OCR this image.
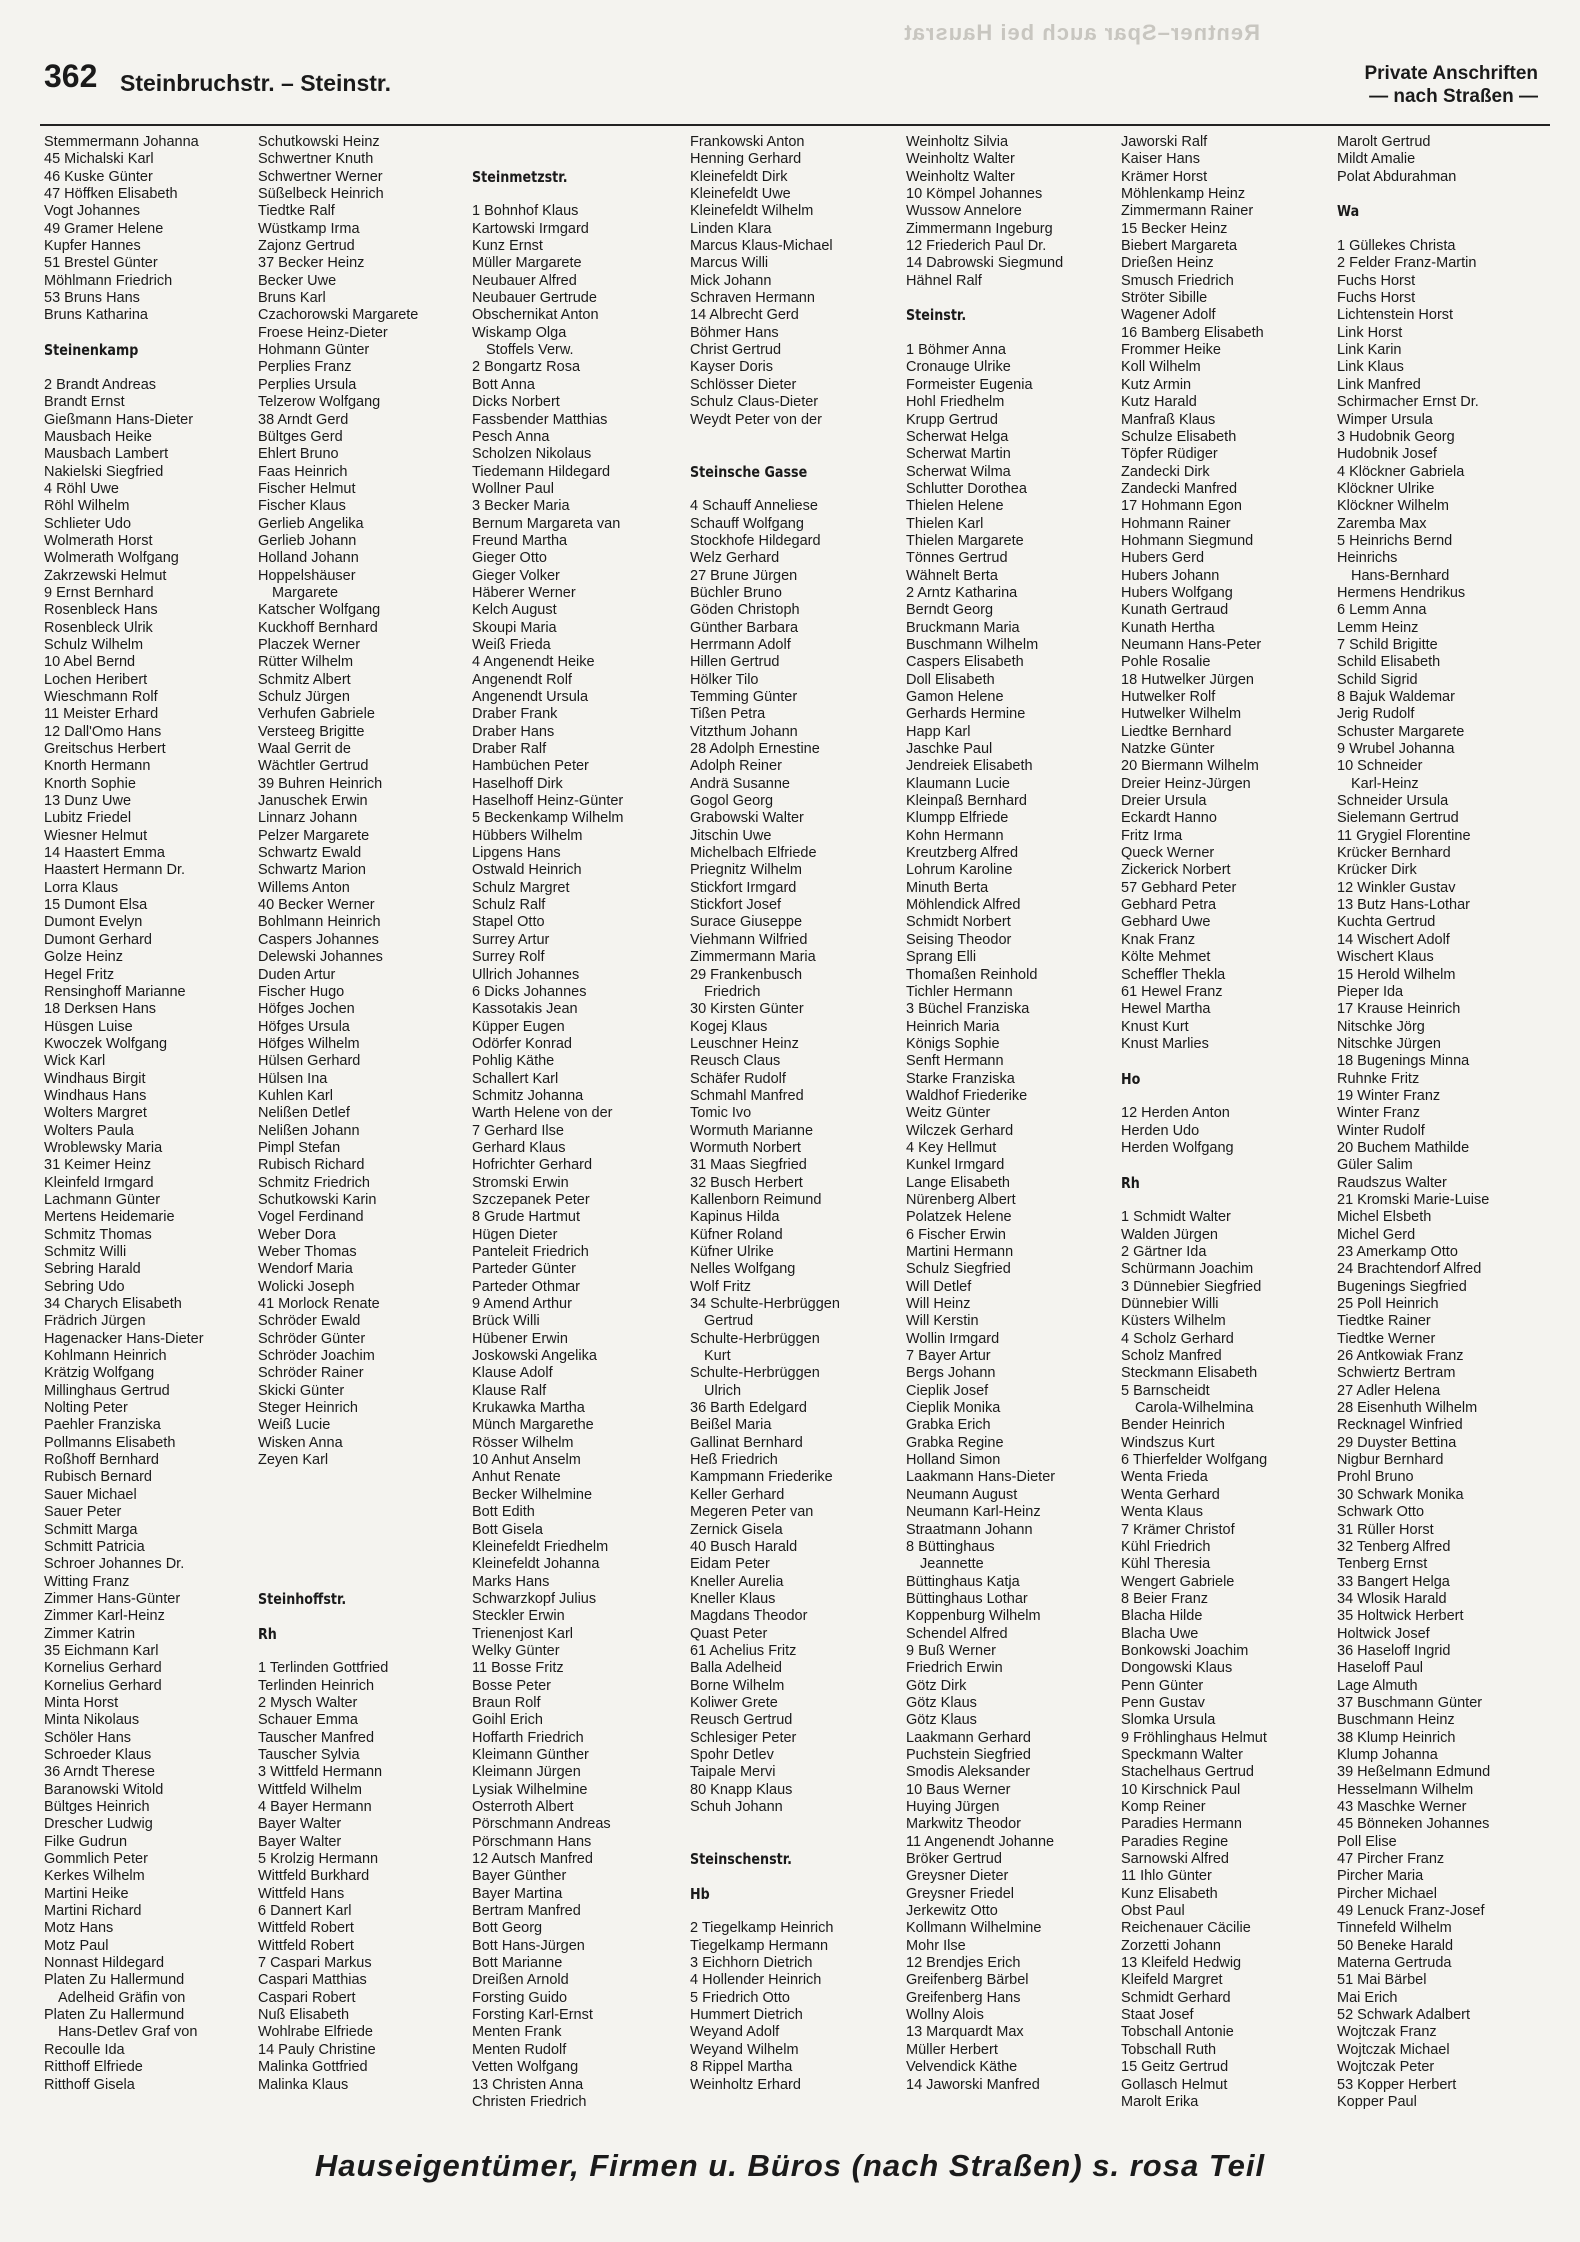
Rentner–Spar auch bei Hausrat
362 Steinbruchstr. – Steinstr.	Private Anschriften
— nach Straßen —
Stemmermann Johanna
45 Michalski Karl
46 Kuske Günter
47 Höffken Elisabeth
Vogt Johannes
49 Gramer Helene
Kupfer Hannes
51 Brestel Günter
Möhlmann Friedrich
53 Bruns Hans
Bruns Katharina
Steinenkamp
2 Brandt Andreas
Brandt Ernst
Gießmann Hans-Dieter
Mausbach Heike
Mausbach Lambert
Nakielski Siegfried
4 Röhl Uwe
Röhl Wilhelm
Schlieter Udo
Wolmerath Horst
Wolmerath Wolfgang
Zakrzewski Helmut
9 Ernst Bernhard
Rosenbleck Hans
Rosenbleck Ulrik
Schulz Wilhelm
10 Abel Bernd
Lochen Heribert
Wieschmann Rolf
11 Meister Erhard
12 Dall'Omo Hans
Greitschus Herbert
Knorth Hermann
Knorth Sophie
13 Dunz Uwe
Lubitz Friedel
Wiesner Helmut
14 Haastert Emma
Haastert Hermann Dr.
Lorra Klaus
15 Dumont Elsa
Dumont Evelyn
Dumont Gerhard
Golze Heinz
Hegel Fritz
Rensinghoff Marianne
18 Derksen Hans
Hüsgen Luise
Kwoczek Wolfgang
Wick Karl
Windhaus Birgit
Windhaus Hans
Wolters Margret
Wolters Paula
Wroblewsky Maria
31 Keimer Heinz
Kleinfeld Irmgard
Lachmann Günter
Mertens Heidemarie
Schmitz Thomas
Schmitz Willi
Sebring Harald
Sebring Udo
34 Charych Elisabeth
Frädrich Jürgen
Hagenacker Hans-Dieter
Kohlmann Heinrich
Krätzig Wolfgang
Millinghaus Gertrud
Nolting Peter
Paehler Franziska
Pollmanns Elisabeth
Roßhoff Bernhard
Rubisch Bernard
Sauer Michael
Sauer Peter
Schmitt Marga
Schmitt Patricia
Schroer Johannes Dr.
Witting Franz
Zimmer Hans-Günter
Zimmer Karl-Heinz
Zimmer Katrin
35 Eichmann Karl
Kornelius Gerhard
Kornelius Gerhard
Minta Horst
Minta Nikolaus
Schöler Hans
Schroeder Klaus
36 Arndt Therese
Baranowski Witold
Bültges Heinrich
Drescher Ludwig
Filke Gudrun
Gommlich Peter
Kerkes Wilhelm
Martini Heike
Martini Richard
Motz Hans
Motz Paul
Nonnast Hildegard
Platen Zu Hallermund
Adelheid Gräfin von
Platen Zu Hallermund
Hans-Detlev Graf von
Recoulle Ida
Ritthoff Elfriede
Ritthoff Gisela
Schutkowski Heinz
Schwertner Knuth
Schwertner Werner
Süßelbeck Heinrich
Tiedtke Ralf
Wüstkamp Irma
Zajonz Gertrud
37 Becker Heinz
Becker Uwe
Bruns Karl
Czachorowski Margarete
Froese Heinz-Dieter
Hohmann Günter
Perplies Franz
Perplies Ursula
Telzerow Wolfgang
38 Arndt Gerd
Bültges Gerd
Ehlert Bruno
Faas Heinrich
Fischer Helmut
Fischer Klaus
Gerlieb Angelika
Gerlieb Johann
Holland Johann
Hoppelshäuser
Margarete
Katscher Wolfgang
Kuckhoff Bernhard
Placzek Werner
Rütter Wilhelm
Schmitz Albert
Schulz Jürgen
Verhufen Gabriele
Versteeg Brigitte
Waal Gerrit de
Wächtler Gertrud
39 Buhren Heinrich
Januschek Erwin
Linnarz Johann
Pelzer Margarete
Schwartz Ewald
Schwartz Marion
Willems Anton
40 Becker Werner
Bohlmann Heinrich
Caspers Johannes
Delewski Johannes
Duden Artur
Fischer Hugo
Höfges Jochen
Höfges Ursula
Höfges Wilhelm
Hülsen Gerhard
Hülsen Ina
Kuhlen Karl
Nelißen Detlef
Nelißen Johann
Pimpl Stefan
Rubisch Richard
Schmitz Friedrich
Schutkowski Karin
Vogel Ferdinand
Weber Dora
Weber Thomas
Wendorf Maria
Wolicki Joseph
41 Morlock Renate
Schröder Ewald
Schröder Günter
Schröder Joachim
Schröder Rainer
Skicki Günter
Steger Heinrich
Weiß Lucie
Wisken Anna
Zeyen Karl
Steinhoffstr.
Rh
1 Terlinden Gottfried
Terlinden Heinrich
2 Mysch Walter
Schauer Emma
Tauscher Manfred
Tauscher Sylvia
3 Wittfeld Hermann
Wittfeld Wilhelm
4 Bayer Hermann
Bayer Walter
Bayer Walter
5 Krolzig Hermann
Wittfeld Burkhard
Wittfeld Hans
6 Dannert Karl
Wittfeld Robert
Wittfeld Robert
7 Caspari Markus
Caspari Matthias
Caspari Robert
Nuß Elisabeth
Wohlrabe Elfriede
14 Pauly Christine
Malinka Gottfried
Malinka Klaus
Steinmetzstr.
1 Bohnhof Klaus
Kartowski Irmgard
Kunz Ernst
Müller Margarete
Neubauer Alfred
Neubauer Gertrude
Obschernikat Anton
Wiskamp Olga
Stoffels Verw.
2 Bongartz Rosa
Bott Anna
Dicks Norbert
Fassbender Matthias
Pesch Anna
Scholzen Nikolaus
Tiedemann Hildegard
Wollner Paul
3 Becker Maria
Bernum Margareta van
Freund Martha
Gieger Otto
Gieger Volker
Häberer Werner
Kelch August
Skoupi Maria
Weiß Frieda
4 Angenendt Heike
Angenendt Rolf
Angenendt Ursula
Draber Frank
Draber Hans
Draber Ralf
Hambüchen Peter
Haselhoff Dirk
Haselhoff Heinz-Günter
5 Beckenkamp Wilhelm
Hübbers Wilhelm
Lipgens Hans
Ostwald Heinrich
Schulz Margret
Schulz Ralf
Stapel Otto
Surrey Artur
Surrey Rolf
Ullrich Johannes
6 Dicks Johannes
Kassotakis Jean
Küpper Eugen
Odörfer Konrad
Pohlig Käthe
Schallert Karl
Schmitz Johanna
Warth Helene von der
7 Gerhard Ilse
Gerhard Klaus
Hofrichter Gerhard
Stromski Erwin
Szczepanek Peter
8 Grude Hartmut
Hügen Dieter
Panteleit Friedrich
Parteder Günter
Parteder Othmar
9 Amend Arthur
Brück Willi
Hübener Erwin
Joskowski Angelika
Klause Adolf
Klause Ralf
Krukawka Martha
Münch Margarethe
Rösser Wilhelm
10 Anhut Anselm
Anhut Renate
Becker Wilhelmine
Bott Edith
Bott Gisela
Kleinefeldt Friedhelm
Kleinefeldt Johanna
Marks Hans
Schwarzkopf Julius
Steckler Erwin
Trienenjost Karl
Welky Günter
11 Bosse Fritz
Bosse Peter
Braun Rolf
Goihl Erich
Hoffarth Friedrich
Kleimann Günther
Kleimann Jürgen
Lysiak Wilhelmine
Osterroth Albert
Pörschmann Andreas
Pörschmann Hans
12 Autsch Manfred
Bayer Günther
Bayer Martina
Bertram Manfred
Bott Georg
Bott Hans-Jürgen
Bott Marianne
Dreißen Arnold
Forsting Guido
Forsting Karl-Ernst
Menten Frank
Menten Rudolf
Vetten Wolfgang
13 Christen Anna
Christen Friedrich
Frankowski Anton
Henning Gerhard
Kleinefeldt Dirk
Kleinefeldt Uwe
Kleinefeldt Wilhelm
Linden Klara
Marcus Klaus-Michael
Marcus Willi
Mick Johann
Schraven Hermann
14 Albrecht Gerd
Böhmer Hans
Christ Gertrud
Kayser Doris
Schlösser Dieter
Schulz Claus-Dieter
Weydt Peter von der
Steinsche Gasse
4 Schauff Anneliese
Schauff Wolfgang
Stockhofe Hildegard
Welz Gerhard
27 Brune Jürgen
Büchler Bruno
Göden Christoph
Günther Barbara
Herrmann Adolf
Hillen Gertrud
Hölker Tilo
Temming Günter
Tißen Petra
Vitzthum Johann
28 Adolph Ernestine
Adolph Reiner
Andrä Susanne
Gogol Georg
Grabowski Walter
Jitschin Uwe
Michelbach Elfriede
Priegnitz Wilhelm
Stickfort Irmgard
Stickfort Josef
Surace Giuseppe
Viehmann Wilfried
Zimmermann Maria
29 Frankenbusch
Friedrich
30 Kirsten Günter
Kogej Klaus
Leuschner Heinz
Reusch Claus
Schäfer Rudolf
Schmahl Manfred
Tomic Ivo
Wormuth Marianne
Wormuth Norbert
31 Maas Siegfried
32 Busch Herbert
Kallenborn Reimund
Kapinus Hilda
Küfner Roland
Küfner Ulrike
Nelles Wolfgang
Wolf Fritz
34 Schulte-Herbrüggen
Gertrud
Schulte-Herbrüggen
Kurt
Schulte-Herbrüggen
Ulrich
36 Barth Edelgard
Beißel Maria
Gallinat Bernhard
Heß Friedrich
Kampmann Friederike
Keller Gerhard
Megeren Peter van
Zernick Gisela
40 Busch Harald
Eidam Peter
Kneller Aurelia
Kneller Klaus
Magdans Theodor
Quast Peter
61 Achelius Fritz
Balla Adelheid
Borne Wilhelm
Koliwer Grete
Reusch Gertrud
Schlesiger Peter
Spohr Detlev
Taipale Mervi
80 Knapp Klaus
Schuh Johann
Steinschenstr.
Hb
2 Tiegelkamp Heinrich
Tiegelkamp Hermann
3 Eichhorn Dietrich
4 Hollender Heinrich
5 Friedrich Otto
Hummert Dietrich
Weyand Adolf
Weyand Wilhelm
8 Rippel Martha
Weinholtz Erhard
Weinholtz Silvia
Weinholtz Walter
Weinholtz Walter
10 Kömpel Johannes
Wussow Annelore
Zimmermann Ingeburg
12 Friederich Paul Dr.
14 Dabrowski Siegmund
Hähnel Ralf
Steinstr.
1 Böhmer Anna
Cronauge Ulrike
Formeister Eugenia
Hohl Friedhelm
Krupp Gertrud
Scherwat Helga
Scherwat Martin
Scherwat Wilma
Schlutter Dorothea
Thielen Helene
Thielen Karl
Thielen Margarete
Tönnes Gertrud
Wähnelt Berta
2 Arntz Katharina
Berndt Georg
Bruckmann Maria
Buschmann Wilhelm
Caspers Elisabeth
Doll Elisabeth
Gamon Helene
Gerhards Hermine
Happ Karl
Jaschke Paul
Jendreiek Elisabeth
Klaumann Lucie
Kleinpaß Bernhard
Klumpp Elfriede
Kohn Hermann
Kreutzberg Alfred
Lohrum Karoline
Minuth Berta
Möhlendick Alfred
Schmidt Norbert
Seising Theodor
Sprang Elli
Thomaßen Reinhold
Tichler Hermann
3 Büchel Franziska
Heinrich Maria
Königs Sophie
Senft Hermann
Starke Franziska
Waldhof Friederike
Weitz Günter
Wilczek Gerhard
4 Key Hellmut
Kunkel Irmgard
Lange Elisabeth
Nürenberg Albert
Polatzek Helene
6 Fischer Erwin
Martini Hermann
Schulz Siegfried
Will Detlef
Will Heinz
Will Kerstin
Wollin Irmgard
7 Bayer Artur
Bergs Johann
Cieplik Josef
Cieplik Monika
Grabka Erich
Grabka Regine
Holland Simon
Laakmann Hans-Dieter
Neumann August
Neumann Karl-Heinz
Straatmann Johann
8 Büttinghaus
Jeannette
Büttinghaus Katja
Büttinghaus Lothar
Koppenburg Wilhelm
Schendel Alfred
9 Buß Werner
Friedrich Erwin
Götz Dirk
Götz Klaus
Götz Klaus
Laakmann Gerhard
Puchstein Siegfried
Smodis Aleksander
10 Baus Werner
Huying Jürgen
Markwitz Theodor
11 Angenendt Johanne
Bröker Gertrud
Greysner Dieter
Greysner Friedel
Jerkewitz Otto
Kollmann Wilhelmine
Mohr Ilse
12 Brendjes Erich
Greifenberg Bärbel
Greifenberg Hans
Wollny Alois
13 Marquardt Max
Müller Herbert
Velvendick Käthe
14 Jaworski Manfred
Jaworski Ralf
Kaiser Hans
Krämer Horst
Möhlenkamp Heinz
Zimmermann Rainer
15 Becker Heinz
Biebert Margareta
Drießen Heinz
Smusch Friedrich
Ströter Sibille
Wagener Adolf
16 Bamberg Elisabeth
Frommer Heike
Koll Wilhelm
Kutz Armin
Kutz Harald
Manfraß Klaus
Schulze Elisabeth
Töpfer Rüdiger
Zandecki Dirk
Zandecki Manfred
17 Hohmann Egon
Hohmann Rainer
Hohmann Siegmund
Hubers Gerd
Hubers Johann
Hubers Wolfgang
Kunath Gertraud
Kunath Hertha
Neumann Hans-Peter
Pohle Rosalie
18 Hutwelker Jürgen
Hutwelker Rolf
Hutwelker Wilhelm
Liedtke Bernhard
Natzke Günter
20 Biermann Wilhelm
Dreier Heinz-Jürgen
Dreier Ursula
Eckardt Hanno
Fritz Irma
Queck Werner
Zickerick Norbert
57 Gebhard Peter
Gebhard Petra
Gebhard Uwe
Knak Franz
Költe Mehmet
Scheffler Thekla
61 Hewel Franz
Hewel Martha
Knust Kurt
Knust Marlies
Ho
12 Herden Anton
Herden Udo
Herden Wolfgang
Rh
1 Schmidt Walter
Walden Jürgen
2 Gärtner Ida
Schürmann Joachim
3 Dünnebier Siegfried
Dünnebier Willi
Küsters Wilhelm
4 Scholz Gerhard
Scholz Manfred
Steckmann Elisabeth
5 Barnscheidt
Carola-Wilhelmina
Bender Heinrich
Windszus Kurt
6 Thierfelder Wolfgang
Wenta Frieda
Wenta Gerhard
Wenta Klaus
7 Krämer Christof
Kühl Friedrich
Kühl Theresia
Wengert Gabriele
8 Beier Franz
Blacha Hilde
Blacha Uwe
Bonkowski Joachim
Dongowski Klaus
Penn Günter
Penn Gustav
Slomka Ursula
9 Fröhlinghaus Helmut
Speckmann Walter
Stachelhaus Gertrud
10 Kirschnick Paul
Komp Reiner
Paradies Hermann
Paradies Regine
Sarnowski Alfred
11 Ihlo Günter
Kunz Elisabeth
Obst Paul
Reichenauer Cäcilie
Zorzetti Johann
13 Kleifeld Hedwig
Kleifeld Margret
Schmidt Gerhard
Staat Josef
Tobschall Antonie
Tobschall Ruth
15 Geitz Gertrud
Gollasch Helmut
Marolt Erika
Marolt Gertrud
Mildt Amalie
Polat Abdurahman
Wa
1 Güllekes Christa
2 Felder Franz-Martin
Fuchs Horst
Fuchs Horst
Lichtenstein Horst
Link Horst
Link Karin
Link Klaus
Link Manfred
Schirmacher Ernst Dr.
Wimper Ursula
3 Hudobnik Georg
Hudobnik Josef
4 Klöckner Gabriela
Klöckner Ulrike
Klöckner Wilhelm
Zaremba Max
5 Heinrichs Bernd
Heinrichs
Hans-Bernhard
Hermens Hendrikus
6 Lemm Anna
Lemm Heinz
7 Schild Brigitte
Schild Elisabeth
Schild Sigrid
8 Bajuk Waldemar
Jerig Rudolf
Schuster Margarete
9 Wrubel Johanna
10 Schneider
Karl-Heinz
Schneider Ursula
Sielemann Gertrud
11 Grygiel Florentine
Krücker Bernhard
Krücker Dirk
12 Winkler Gustav
13 Butz Hans-Lothar
Kuchta Gertrud
14 Wischert Adolf
Wischert Klaus
15 Herold Wilhelm
Pieper Ida
17 Krause Heinrich
Nitschke Jörg
Nitschke Jürgen
18 Bugenings Minna
Ruhnke Fritz
19 Winter Franz
Winter Franz
Winter Rudolf
20 Buchem Mathilde
Güler Salim
Raudszus Walter
21 Kromski Marie-Luise
Michel Elsbeth
Michel Gerd
23 Amerkamp Otto
24 Brachtendorf Alfred
Bugenings Siegfried
25 Poll Heinrich
Tiedtke Rainer
Tiedtke Werner
26 Antkowiak Franz
Schwiertz Bertram
27 Adler Helena
28 Eisenhuth Wilhelm
Recknagel Winfried
29 Duyster Bettina
Nigbur Bernhard
Prohl Bruno
30 Schwark Monika
Schwark Otto
31 Rüller Horst
32 Tenberg Alfred
Tenberg Ernst
33 Bangert Helga
34 Wlosik Harald
35 Holtwick Herbert
Holtwick Josef
36 Haseloff Ingrid
Haseloff Paul
Lage Almuth
37 Buschmann Günter
Buschmann Heinz
38 Klump Heinrich
Klump Johanna
39 Heßelmann Edmund
Hesselmann Wilhelm
43 Maschke Werner
45 Bönneken Johannes
Poll Elise
47 Pircher Franz
Pircher Maria
Pircher Michael
49 Lenuck Franz-Josef
Tinnefeld Wilhelm
50 Beneke Harald
Materna Gertruda
51 Mai Bärbel
Mai Erich
52 Schwark Adalbert
Wojtczak Franz
Wojtczak Michael
Wojtczak Peter
53 Kopper Herbert
Kopper Paul
Hauseigentümer, Firmen u. Büros (nach Straßen) s. rosa Teil
